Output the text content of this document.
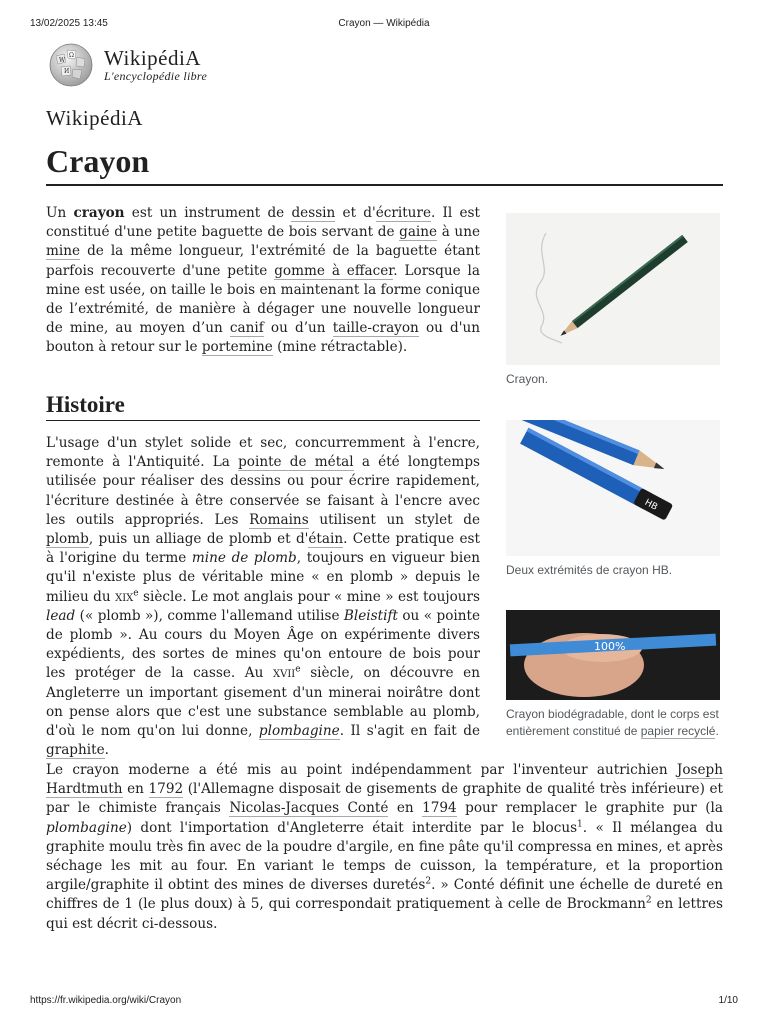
13/02/2025 13:45	Crayon — Wikipédia
W
Ω
И
WikipédiA
L'encyclopédie libre
WikipédiA
Crayon

Un crayon est un instrument de dessin et d'écriture. Il est constitué d'une petite baguette de bois servant de gaine à une mine de la même longueur, l'extrémité de la baguette étant parfois recouverte d'une petite gomme à effacer. Lorsque la mine est usée, on taille le bois en maintenant la forme conique de l’extrémité, de manière à dégager une nouvelle longueur de mine, au moyen d’un canif ou d’un taille-crayon ou d'un bouton à retour sur le portemine (mine rétractable).

Histoire

L'usage d'un stylet solide et sec, concurremment à l'encre, remonte à l'Antiquité. La pointe de métal a été longtemps utilisée pour réaliser des dessins ou pour écrire rapidement, l'écriture destinée à être conservée se faisant à l'encre avec les outils appropriés. Les Romains utilisent un stylet de plomb, puis un alliage de plomb et d'étain. Cette pratique est à l'origine du terme mine de plomb, toujours en vigueur bien qu'il n'existe plus de véritable mine « en plomb » depuis le milieu du xix$^e$ siècle. Le mot anglais pour « mine » est toujours lead (« plomb »), comme l'allemand utilise Bleistift ou « pointe de plomb ». Au cours du Moyen Âge on expérimente divers expédients, des sortes de mines qu'on entoure de bois pour les protéger de la casse. Au xvii$^e$ siècle, on découvre en Angleterre un important gisement d'un minerai noirâtre dont on pense alors que c'est une substance semblable au plomb, d'où le nom qu'on lui donne, plombagine. Il s'agit en fait de graphite.

Le crayon moderne a été mis au point indépendamment par l'inventeur autrichien Joseph Hardtmuth en 1792 (l'Allemagne disposait de gisements de graphite de qualité très inférieure) et par le chimiste français Nicolas-Jacques Conté en 1794 pour remplacer le graphite pur (la plombagine) dont l'importation d'Angleterre était interdite par le blocus$^1$. « Il mélangea du graphite moulu très fin avec de la poudre d'argile, en fine pâte qu'il compressa en mines, et après séchage les mit au four. En variant le temps de cuisson, la température, et la proportion argile/graphite il obtint des mines de diverses duretés$^2$. » Conté définit une échelle de dureté en chiffres de 1 (le plus doux) à 5, qui correspondait pratiquement à celle de Brockmann$^2$ en lettres qui est décrit ci-dessous.

Crayon.
HB
Deux extrémités de crayon HB.
100%
Crayon biodégradable, dont le corps est entièrement constitué de papier recyclé.
https://fr.wikipedia.org/wiki/Crayon	1/10
